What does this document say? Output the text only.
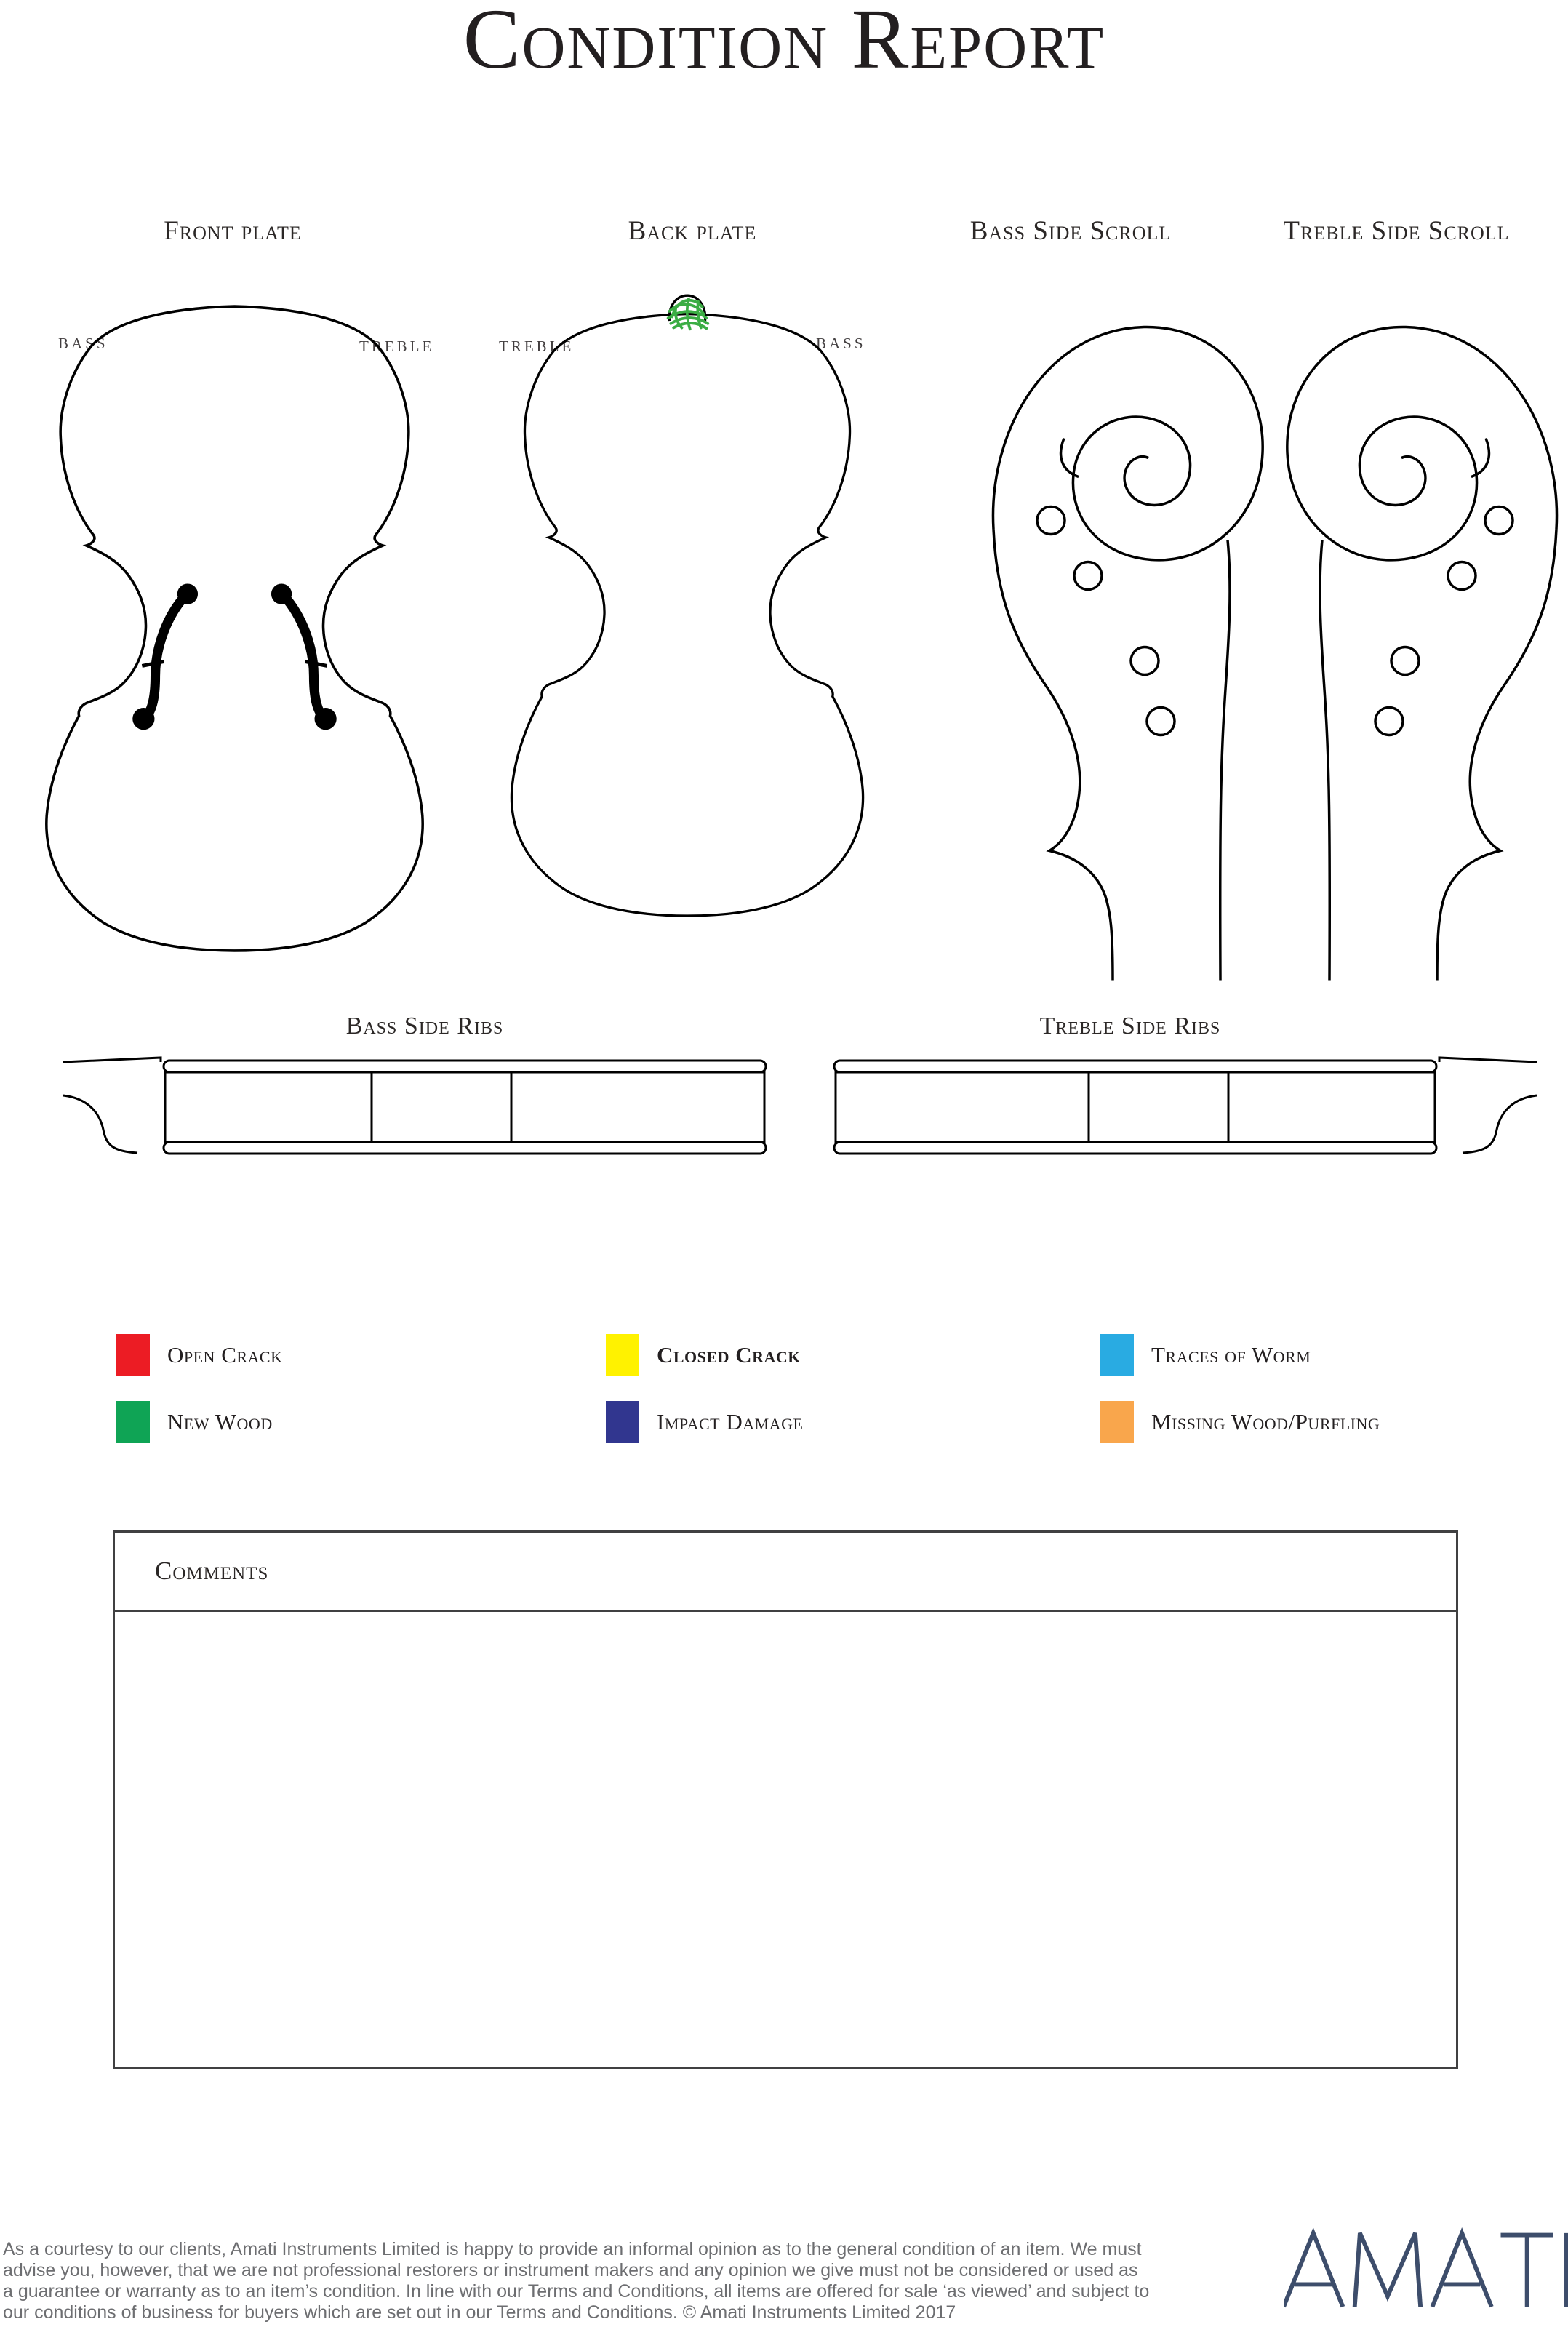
Condition Report
Front plate	Back plate	Bass Side Scroll	Treble Side Scroll
BASS	TREBLE	TREBLE	BASS
Bass Side Ribs	Treble Side Ribs
Open Crack	Closed Crack	Traces of Worm
New Wood	Impact Damage	Missing Wood/Purfling
Comments
As a courtesy to our clients, Amati Instruments Limited is happy to provide an informal opinion as to the general condition of an item. We must
advise you, however, that we are not professional restorers or instrument makers and any opinion we give must not be considered or used as
a guarantee or warranty as to an item’s condition. In line with our Terms and Conditions, all items are offered for sale ‘as viewed’ and subject to
our conditions of business for buyers which are set out in our Terms and Conditions. © Amati Instruments Limited 2017
